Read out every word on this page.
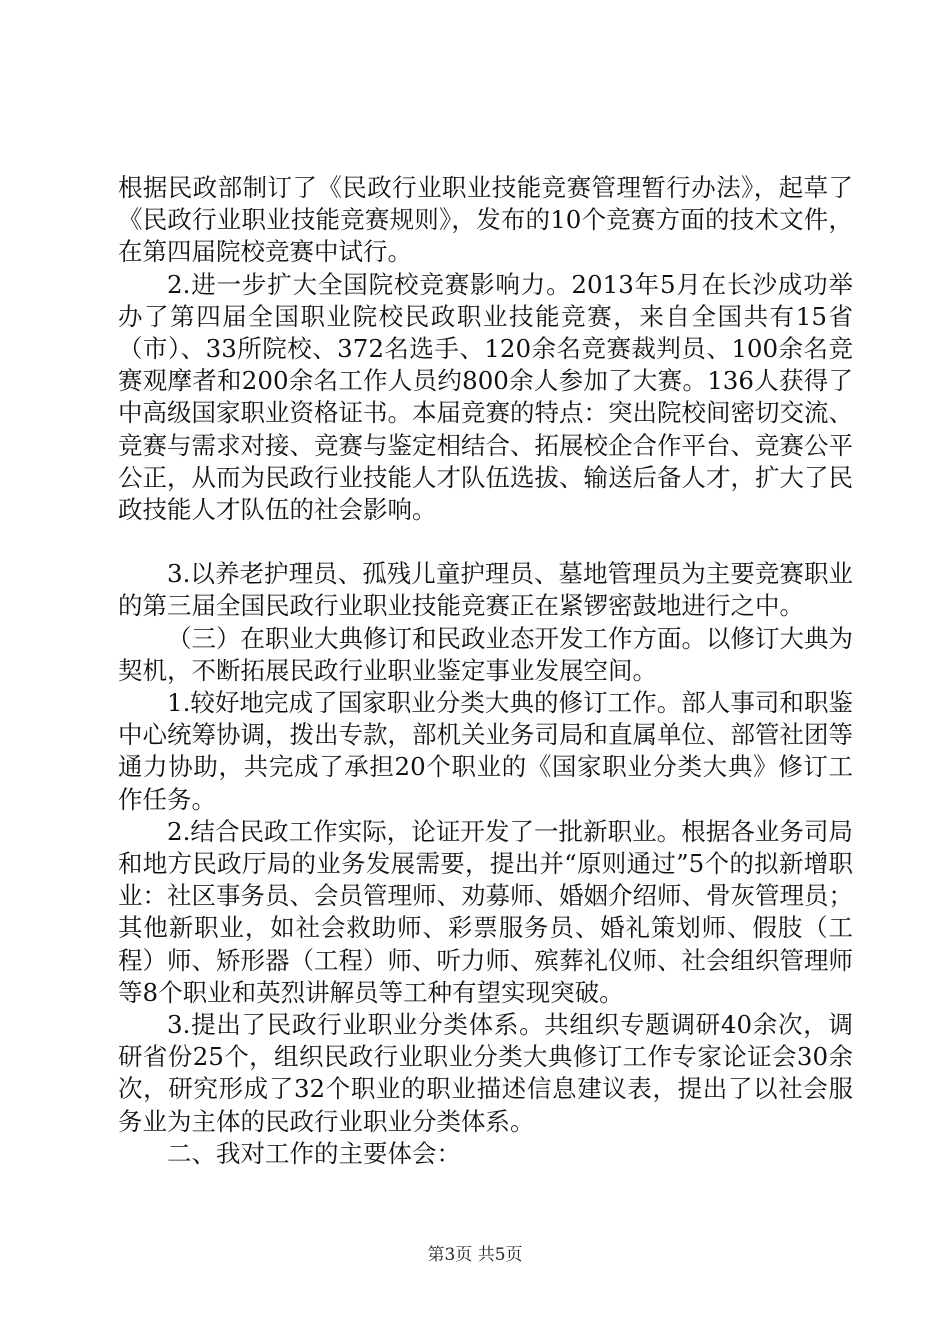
根据民政部制订了《民政行业职业技能竞赛管理暂行办法》，起草了《民政行业职业技能竞赛规则》，发布的10个竞赛方面的技术文件，在第四届院校竞赛中试行。

2.进一步扩大全国院校竞赛影响力。2013年5月在长沙成功举办了第四届全国职业院校民政职业技能竞赛，来自全国共有15省（市）、33所院校、372名选手、120余名竞赛裁判员、100余名竞赛观摩者和200余名工作人员约800余人参加了大赛。136人获得了中高级国家职业资格证书。本届竞赛的特点：突出院校间密切交流、竞赛与需求对接、竞赛与鉴定相结合、拓展校企合作平台、竞赛公平公正，从而为民政行业技能人才队伍选拔、输送后备人才，扩大了民政技能人才队伍的社会影响。

3.以养老护理员、孤残儿童护理员、墓地管理员为主要竞赛职业的第三届全国民政行业职业技能竞赛正在紧锣密鼓地进行之中。

（三）在职业大典修订和民政业态开发工作方面。以修订大典为契机，不断拓展民政行业职业鉴定事业发展空间。

1.较好地完成了国家职业分类大典的修订工作。部人事司和职鉴中心统筹协调，拨出专款，部机关业务司局和直属单位、部管社团等通力协助，共完成了承担20个职业的《国家职业分类大典》修订工作任务。

2.结合民政工作实际，论证开发了一批新职业。根据各业务司局和地方民政厅局的业务发展需要，提出并“原则通过”5个的拟新增职业：社区事务员、会员管理师、劝募师、婚姻介绍师、骨灰管理员；其他新职业，如社会救助师、彩票服务员、婚礼策划师、假肢（工程）师、矫形器（工程）师、听力师、殡葬礼仪师、社会组织管理师等8个职业和英烈讲解员等工种有望实现突破。

3.提出了民政行业职业分类体系。共组织专题调研40余次，调研省份25个，组织民政行业职业分类大典修订工作专家论证会30余次，研究形成了32个职业的职业描述信息建议表，提出了以社会服务业为主体的民政行业职业分类体系。

二、我对工作的主要体会：

第3页 共5页
